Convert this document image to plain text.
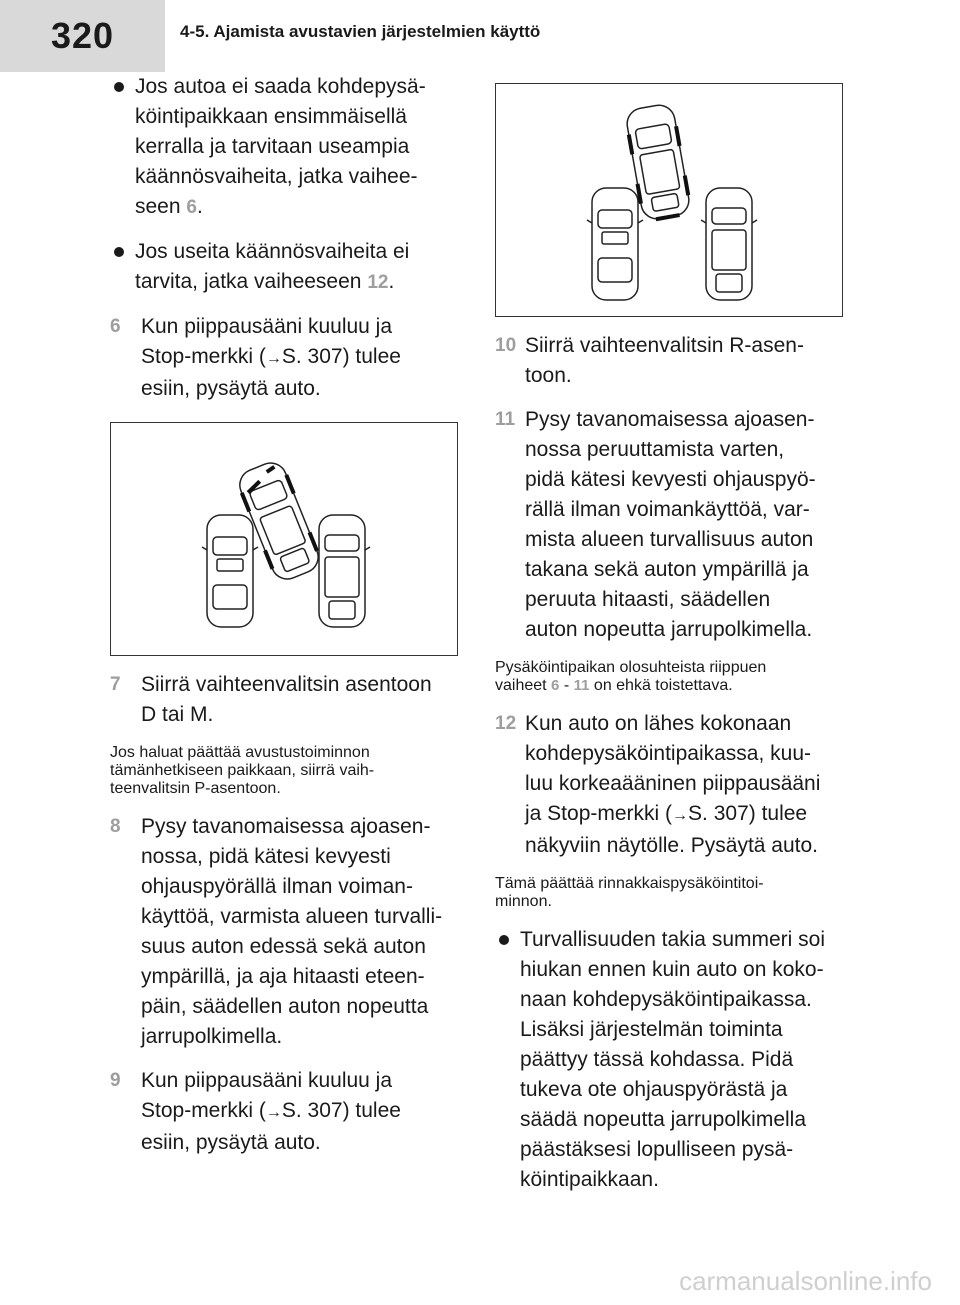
320	4-5. Ajamista avustavien järjestelmien käyttö
Jos autoa ei saada kohdepysä-
köintipaikkaan ensimmäisellä
kerralla ja tarvitaan useampia
käännösvaiheita, jatka vaihee-
seen 6.
Jos useita käännösvaiheita ei
tarvita, jatka vaiheeseen 12.
6 Kun piippausääni kuuluu ja
Stop-merkki (→S. 307) tulee
esiin, pysäytä auto.
7 Siirrä vaihteenvalitsin asentoon
D tai M.
Jos haluat päättää avustustoiminnon
tämänhetkiseen paikkaan, siirrä vaih-
teenvalitsin P-asentoon.
8 Pysy tavanomaisessa ajoasen-
nossa, pidä kätesi kevyesti
ohjauspyörällä ilman voiman-
käyttöä, varmista alueen turvalli-
suus auton edessä sekä auton
ympärillä, ja aja hitaasti eteen-
päin, säädellen auton nopeutta
jarrupolkimella.
9 Kun piippausääni kuuluu ja
Stop-merkki (→S. 307) tulee
esiin, pysäytä auto.
10 Siirrä vaihteenvalitsin R-asen-
toon.
11 Pysy tavanomaisessa ajoasen-
nossa peruuttamista varten,
pidä kätesi kevyesti ohjauspyö-
rällä ilman voimankäyttöä, var-
mista alueen turvallisuus auton
takana sekä auton ympärillä ja
peruuta hitaasti, säädellen
auton nopeutta jarrupolkimella.
Pysäköintipaikan olosuhteista riippuen
vaiheet 6 - 11 on ehkä toistettava.
12 Kun auto on lähes kokonaan
kohdepysäköintipaikassa, kuu-
luu korkeaääninen piippausääni
ja Stop-merkki (→S. 307) tulee
näkyviin näytölle. Pysäytä auto.
Tämä päättää rinnakkaispysäköintitoi-
minnon.
Turvallisuuden takia summeri soi
hiukan ennen kuin auto on koko-
naan kohdepysäköintipaikassa.
Lisäksi järjestelmän toiminta
päättyy tässä kohdassa. Pidä
tukeva ote ohjauspyörästä ja
säädä nopeutta jarrupolkimella
päästäksesi lopulliseen pysä-
köintipaikkaan.
carmanualsonline.info
